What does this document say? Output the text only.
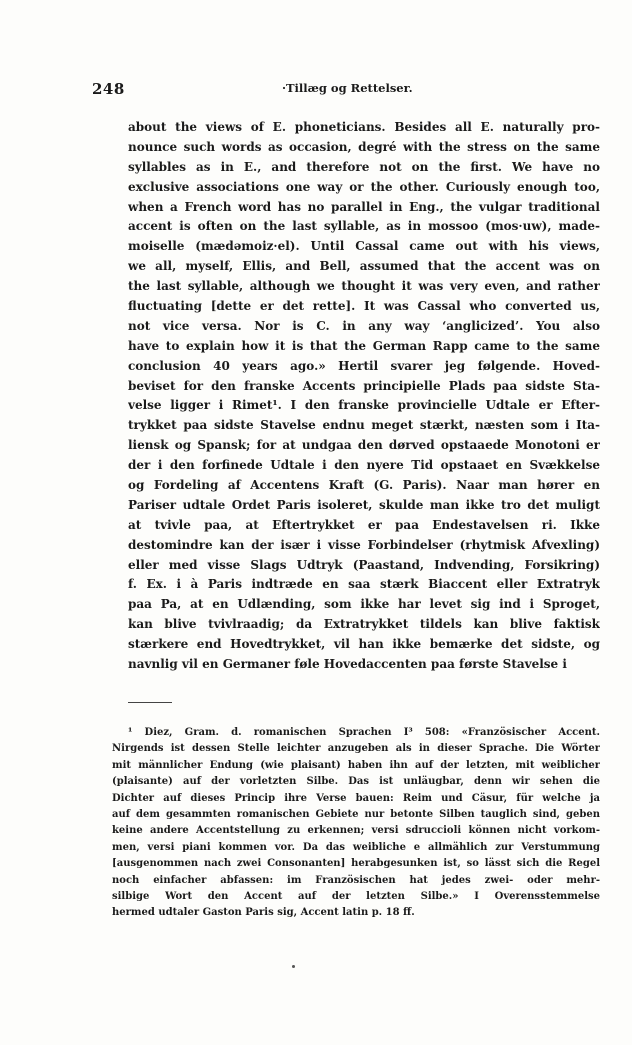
248	·Tillæg og Rettelser.
about the views of E. phoneticians. Besides all E. naturally pro-
nounce such words as occasion, degré with the stress on the same
syllables as in E., and therefore not on the first. We have no
exclusive associations one way or the other. Curiously enough too,
when a French word has no parallel in Eng., the vulgar traditional
accent is often on the last syllable, as in mossoo (mos·uw), made-
moiselle (mædəmoiz·el). Until Cassal came out with his views,
we all, myself, Ellis, and Bell, assumed that the accent was on
the last syllable, although we thought it was very even, and rather
fluctuating [dette er det rette]. It was Cassal who converted us,
not vice versa. Nor is C. in any way ‘anglicized’. You also
have to explain how it is that the German Rapp came to the same
conclusion 40 years ago.» Hertil svarer jeg følgende. Hoved-
beviset for den franske Accents principielle Plads paa sidste Sta-
velse ligger i Rimet¹. I den franske provincielle Udtale er Efter-
trykket paa sidste Stavelse endnu meget stærkt, næsten som i Ita-
liensk og Spansk; for at undgaa den dørved opstaaede Monotoni er
der i den forfinede Udtale i den nyere Tid opstaaet en Svækkelse
og Fordeling af Accentens Kraft (G. Paris). Naar man hører en
Pariser udtale Ordet Paris isoleret, skulde man ikke tro det muligt
at tvivle paa, at Eftertrykket er paa Endestavelsen ri. Ikke
destomindre kan der især i visse Forbindelser (rhytmisk Afvexling)
eller med visse Slags Udtryk (Paastand, Indvending, Forsikring)
f. Ex. i à Paris indtræde en saa stærk Biaccent eller Extratryk
paa Pa, at en Udlænding, som ikke har levet sig ind i Sproget,
kan blive tvivlraadig; da Extratrykket tildels kan blive faktisk
stærkere end Hovedtrykket, vil han ikke bemærke det sidste, og
navnlig vil en Germaner føle Hovedaccenten paa første Stavelse i
¹ Diez, Gram. d. romanischen Sprachen I³ 508: «Französischer Accent.
Nirgends ist dessen Stelle leichter anzugeben als in dieser Sprache. Die Wörter
mit männlicher Endung (wie plaisant) haben ihn auf der letzten, mit weiblicher
(plaisante) auf der vorletzten Silbe. Das ist unläugbar, denn wir sehen die
Dichter auf dieses Princip ihre Verse bauen: Reim und Cäsur, für welche ja
auf dem gesammten romanischen Gebiete nur betonte Silben tauglich sind, geben
keine andere Accentstellung zu erkennen; versi sdruccioli können nicht vorkom-
men, versi piani kommen vor. Da das weibliche e allmählich zur Verstummung
[ausgenommen nach zwei Consonanten] herabgesunken ist, so lässt sich die Regel
noch einfacher abfassen: im Französischen hat jedes zwei- oder mehr-
silbige Wort den Accent auf der letzten Silbe.» I Overensstemmelse
hermed udtaler Gaston Paris sig, Accent latin p. 18 ff.
